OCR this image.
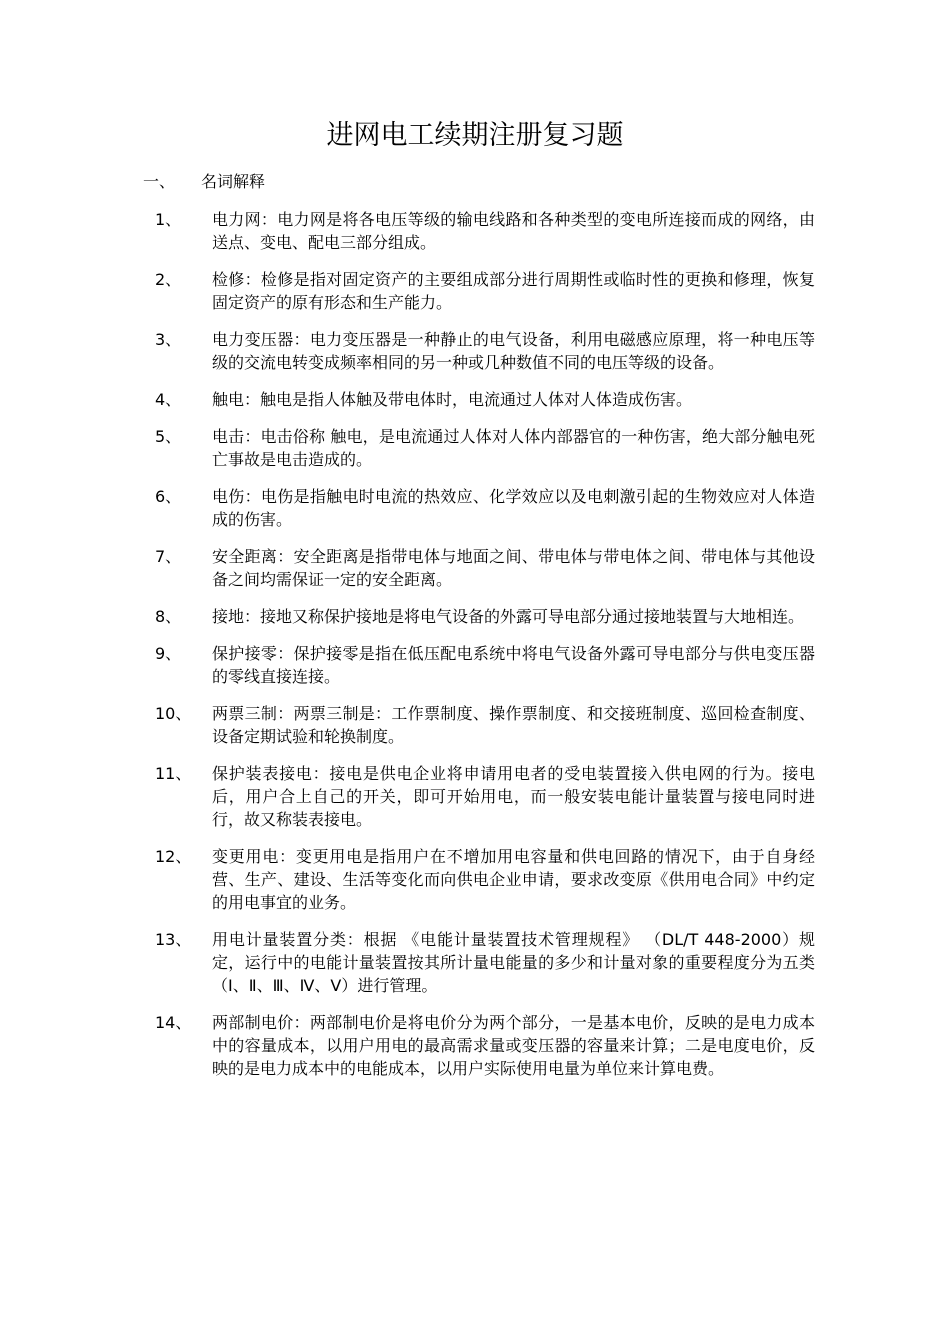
进网电工续期注册复习题
一、 名词解释
1、	电力网：电力网是将各电压等级的输电线路和各种类型的变电所连接而成的网络，由送点、变电、配电三部分组成。
2、	检修：检修是指对固定资产的主要组成部分进行周期性或临时性的更换和修理，恢复固定资产的原有形态和生产能力。
3、	电力变压器：电力变压器是一种静止的电气设备，利用电磁感应原理，将一种电压等级的交流电转变成频率相同的另一种或几种数值不同的电压等级的设备。
4、	触电：触电是指人体触及带电体时，电流通过人体对人体造成伤害。
5、	电击：电击俗称 触电，是电流通过人体对人体内部器官的一种伤害，绝大部分触电死亡事故是电击造成的。
6、	电伤：电伤是指触电时电流的热效应、化学效应以及电刺激引起的生物效应对人体造成的伤害。
7、	安全距离：安全距离是指带电体与地面之间、带电体与带电体之间、带电体与其他设备之间均需保证一定的安全距离。
8、	接地：接地又称保护接地是将电气设备的外露可导电部分通过接地装置与大地相连。
9、	保护接零：保护接零是指在低压配电系统中将电气设备外露可导电部分与供电变压器的零线直接连接。
10、	两票三制：两票三制是：工作票制度、操作票制度、和交接班制度、巡回检查制度、设备定期试验和轮换制度。
11、	保护装表接电：接电是供电企业将申请用电者的受电装置接入供电网的行为。接电后，用户合上自己的开关，即可开始用电，而一般安装电能计量装置与接电同时进行，故又称装表接电。
12、	变更用电：变更用电是指用户在不增加用电容量和供电回路的情况下，由于自身经营、生产、建设、生活等变化而向供电企业申请，要求改变原《供用电合同》中约定的用电事宜的业务。
13、	用电计量装置分类：根据 《电能计量装置技术管理规程》 （DL/T 448-2000）规定，运行中的电能计量装置按其所计量电能量的多少和计量对象的重要程度分为五类（Ⅰ、Ⅱ、Ⅲ、Ⅳ、Ⅴ）进行管理。
14、	两部制电价：两部制电价是将电价分为两个部分，一是基本电价，反映的是电力成本中的容量成本，以用户用电的最高需求量或变压器的容量来计算；二是电度电价，反映的是电力成本中的电能成本，以用户实际使用电量为单位来计算电费。
